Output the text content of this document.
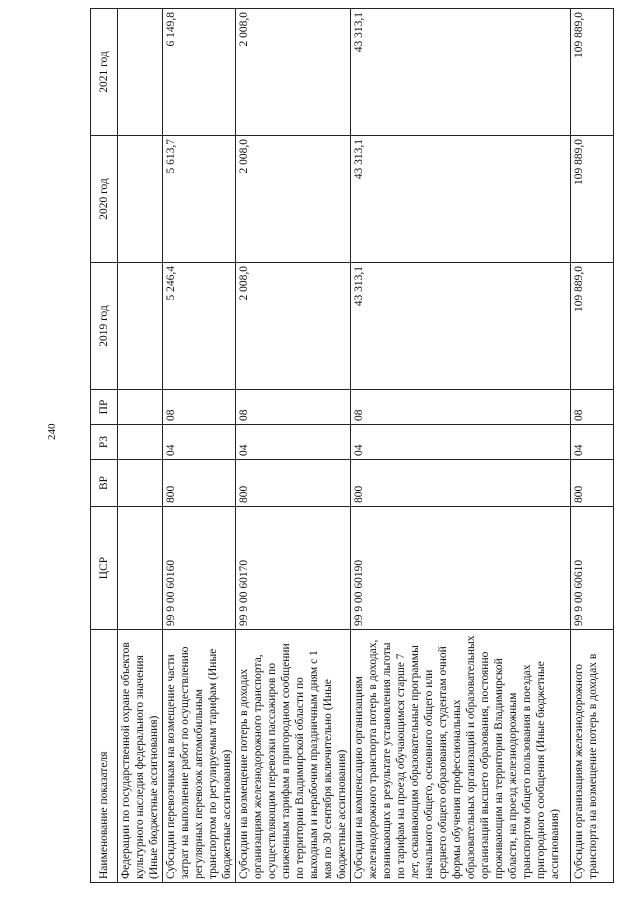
240
Наименование показателя	ЦСР	ВР	РЗ	ПР	2019 год	2020 год	2021 год
Федерации по государственной охране объектов культурного наследия федерального значения (Иные бюджетные ассигнования)							
Субсидии перевозчикам на возмещение части затрат на выполнение работ по осуществлению регулярных перевозок автомобильным транспортом по регулируемым тарифам (Иные бюджетные ассигнования)	99 9 00 60160	800	04	08	5 246,4	5 613,7	6 149,8
Субсидии на возмещение потерь в доходах организациям железнодорожного транспорта, осуществляющим перевозки пассажиров по сниженным тарифам в пригородном сообщении по территории Владимирской области по выходным и нерабочим праздничным дням с 1 мая по 30 сентября включительно (Иные бюджетные ассигнования)	99 9 00 60170	800	04	08	2 008,0	2 008,0	2 008,0
Субсидии на компенсацию организациям железнодорожного транспорта потерь в доходах, возникающих в результате установления льготы по тарифам на проезд обучающимся старше 7 лет, осваивающим образовательные программы начального общего, основного общего или среднего общего образования, студентам очной формы обучения профессиональных образовательных организаций и образовательных организаций высшего образования, постоянно проживающим на территории Владимирской области, на проезд железнодорожным транспортом общего пользования в поездах пригородного сообщения (Иные бюджетные ассигнования)	99 9 00 60190	800	04	08	43 313,1	43 313,1	43 313,1
Субсидии организациям железнодорожного транспорта на возмещение потерь в доходах в	99 9 00 60610	800	04	08	109 889,0	109 889,0	109 889,0
